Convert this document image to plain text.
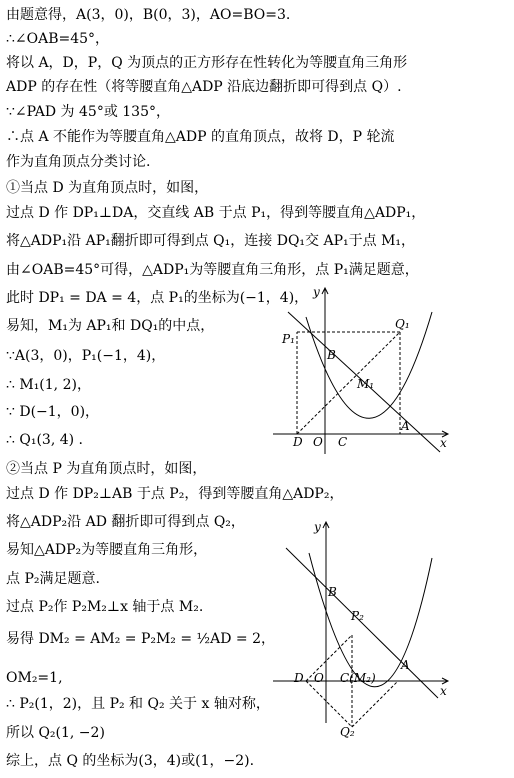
由题意得，A(3，0)，B(0，3)，AO=BO=3.
∴∠OAB=45°，
将以 A，D，P，Q 为顶点的正方形存在性转化为等腰直角三角形
ADP 的存在性（将等腰直角△ADP 沿底边翻折即可得到点 Q）.
∵∠PAD 为 45°或 135°，
∴点 A 不能作为等腰直角△ADP 的直角顶点，故将 D，P 轮流
作为直角顶点分类讨论.
①当点 D 为直角顶点时，如图，
过点 D 作 DP₁⊥DA，交直线 AB 于点 P₁，得到等腰直角△ADP₁，
将△ADP₁沿 AP₁翻折即可得到点 Q₁，连接 DQ₁交 AP₁于点 M₁，
由∠OAB=45°可得，△ADP₁为等腰直角三角形，点 P₁满足题意，
此时 DP₁ = DA = 4，点 P₁的坐标为(−1，4)，
易知，M₁为 AP₁和 DQ₁的中点，
∵A(3，0)，P₁(−1，4)，
∴ M₁(1, 2)，
∵ D(−1，0)，
∴ Q₁(3, 4) .
②当点 P 为直角顶点时，如图，
过点 D 作 DP₂⊥AB 于点 P₂，得到等腰直角△ADP₂，
将△ADP₂沿 AD 翻折即可得到点 Q₂，
易知△ADP₂为等腰直角三角形，
点 P₂满足题意.
过点 P₂作 P₂M₂⊥x 轴于点 M₂.
易得 DM₂ = AM₂ = P₂M₂ = ½AD = 2，
OM₂=1,
∴ P₂(1，2)，且 P₂ 和 Q₂ 关于 x 轴对称，
所以 Q₂(1, −2)
综上，点 Q 的坐标为(3，4)或(1，−2).
y
x
P₁
Q₁
B
M₁
D O C
A
y
x
B
P₂
D O C(M₂)
A
Q₂
